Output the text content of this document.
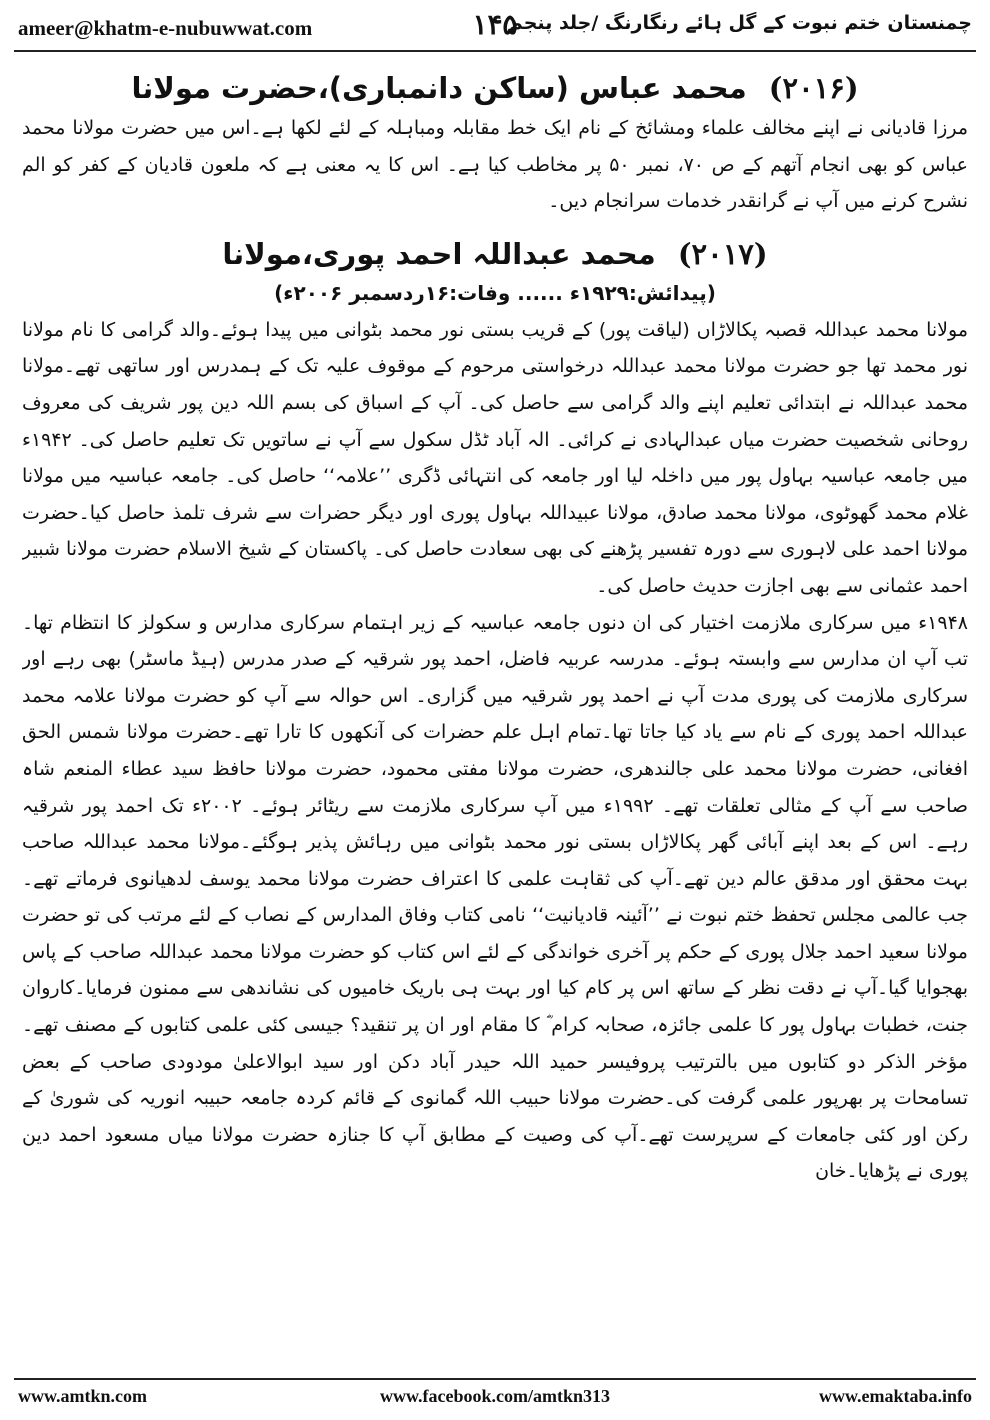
ameer@khatm-e-nubuwwat.com	۱۴۵
چمنستان ختم نبوت کے گل ہائے رنگارنگ /جلد پنجم
(۲۰۱۶) محمد عباس (ساکن دانمباری)،حضرت مولانا

مرزا قادیانی نے اپنے مخالف علماء ومشائخ کے نام ایک خط مقابلہ ومباہلہ کے لئے لکھا ہے۔اس میں حضرت مولانا محمد عباس کو بھی انجام آتھم کے ص ۷۰، نمبر ۵۰ پر مخاطب کیا ہے۔ اس کا یہ معنی ہے کہ ملعون قادیان کے کفر کو الم نشرح کرنے میں آپ نے گرانقدر خدمات سرانجام دیں۔

(۲۰۱۷) محمد عبداللہ احمد پوری،مولانا
(پیدائش:۱۹۲۹ء ...... وفات:۱۶ردسمبر ۲۰۰۶ء)

مولانا محمد عبداللہ قصبہ پکالاڑاں (لیاقت پور) کے قریب بستی نور محمد بٹوانی میں پیدا ہوئے۔والد گرامی کا نام مولانا نور محمد تھا جو حضرت مولانا محمد عبداللہ درخواستی مرحوم کے موقوف علیہ تک کے ہمدرس اور ساتھی تھے۔مولانا محمد عبداللہ نے ابتدائی تعلیم اپنے والد گرامی سے حاصل کی۔ آپ کے اسباق کی بسم اللہ دین پور شریف کی معروف روحانی شخصیت حضرت میاں عبدالہادی نے کرائی۔ الہ آباد ٹڈل سکول سے آپ نے ساتویں تک تعلیم حاصل کی۔ ۱۹۴۲ء میں جامعہ عباسیہ بہاول پور میں داخلہ لیا اور جامعہ کی انتہائی ڈگری ’’علامہ‘‘ حاصل کی۔ جامعہ عباسیہ میں مولانا غلام محمد گھوٹوی، مولانا محمد صادق، مولانا عبیداللہ بہاول پوری اور دیگر حضرات سے شرف تلمذ حاصل کیا۔حضرت مولانا احمد علی لاہوری سے دورہ تفسیر پڑھنے کی بھی سعادت حاصل کی۔ پاکستان کے شیخ الاسلام حضرت مولانا شبیر احمد عثمانی سے بھی اجازت حدیث حاصل کی۔

۱۹۴۸ء میں سرکاری ملازمت اختیار کی ان دنوں جامعہ عباسیہ کے زیر اہتمام سرکاری مدارس و سکولز کا انتظام تھا۔تب آپ ان مدارس سے وابستہ ہوئے۔ مدرسہ عربیہ فاضل، احمد پور شرقیہ کے صدر مدرس (ہیڈ ماسٹر) بھی رہے اور سرکاری ملازمت کی پوری مدت آپ نے احمد پور شرقیہ میں گزاری۔ اس حوالہ سے آپ کو حضرت مولانا علامہ محمد عبداللہ احمد پوری کے نام سے یاد کیا جاتا تھا۔تمام اہل علم حضرات کی آنکھوں کا تارا تھے۔حضرت مولانا شمس الحق افغانی، حضرت مولانا محمد علی جالندھری، حضرت مولانا مفتی محمود، حضرت مولانا حافظ سید عطاء المنعم شاہ صاحب سے آپ کے مثالی تعلقات تھے۔ ۱۹۹۲ء میں آپ سرکاری ملازمت سے ریٹائر ہوئے۔ ۲۰۰۲ء تک احمد پور شرقیہ رہے۔ اس کے بعد اپنے آبائی گھر پکالاڑاں بستی نور محمد بٹوانی میں رہائش پذیر ہوگئے۔مولانا محمد عبداللہ صاحب بہت محقق اور مدقق عالم دین تھے۔آپ کی ثقاہت علمی کا اعتراف حضرت مولانا محمد یوسف لدھیانوی فرماتے تھے۔جب عالمی مجلس تحفظ ختم نبوت نے ’’آئینہ قادیانیت‘‘ نامی کتاب وفاق المدارس کے نصاب کے لئے مرتب کی تو حضرت مولانا سعید احمد جلال پوری کے حکم پر آخری خواندگی کے لئے اس کتاب کو حضرت مولانا محمد عبداللہ صاحب کے پاس بھجوایا گیا۔آپ نے دقت نظر کے ساتھ اس پر کام کیا اور بہت ہی باریک خامیوں کی نشاندھی سے ممنون فرمایا۔کاروان جنت، خطبات بہاول پور کا علمی جائزہ، صحابہ کرام ؓ کا مقام اور ان پر تنقید؟ جیسی کئی علمی کتابوں کے مصنف تھے۔مؤخر الذکر دو کتابوں میں بالترتیب پروفیسر حمید اللہ حیدر آباد دکن اور سید ابوالاعلیٰ مودودی صاحب کے بعض تسامحات پر بھرپور علمی گرفت کی۔حضرت مولانا حبیب اللہ گمانوی کے قائم کردہ جامعہ حبیبہ انوریہ کی شوریٰ کے رکن اور کئی جامعات کے سرپرست تھے۔آپ کی وصیت کے مطابق آپ کا جنازہ حضرت مولانا میاں مسعود احمد دین پوری نے پڑھایا۔خان

www.amtkn.com	www.facebook.com/amtkn313	www.emaktaba.info
